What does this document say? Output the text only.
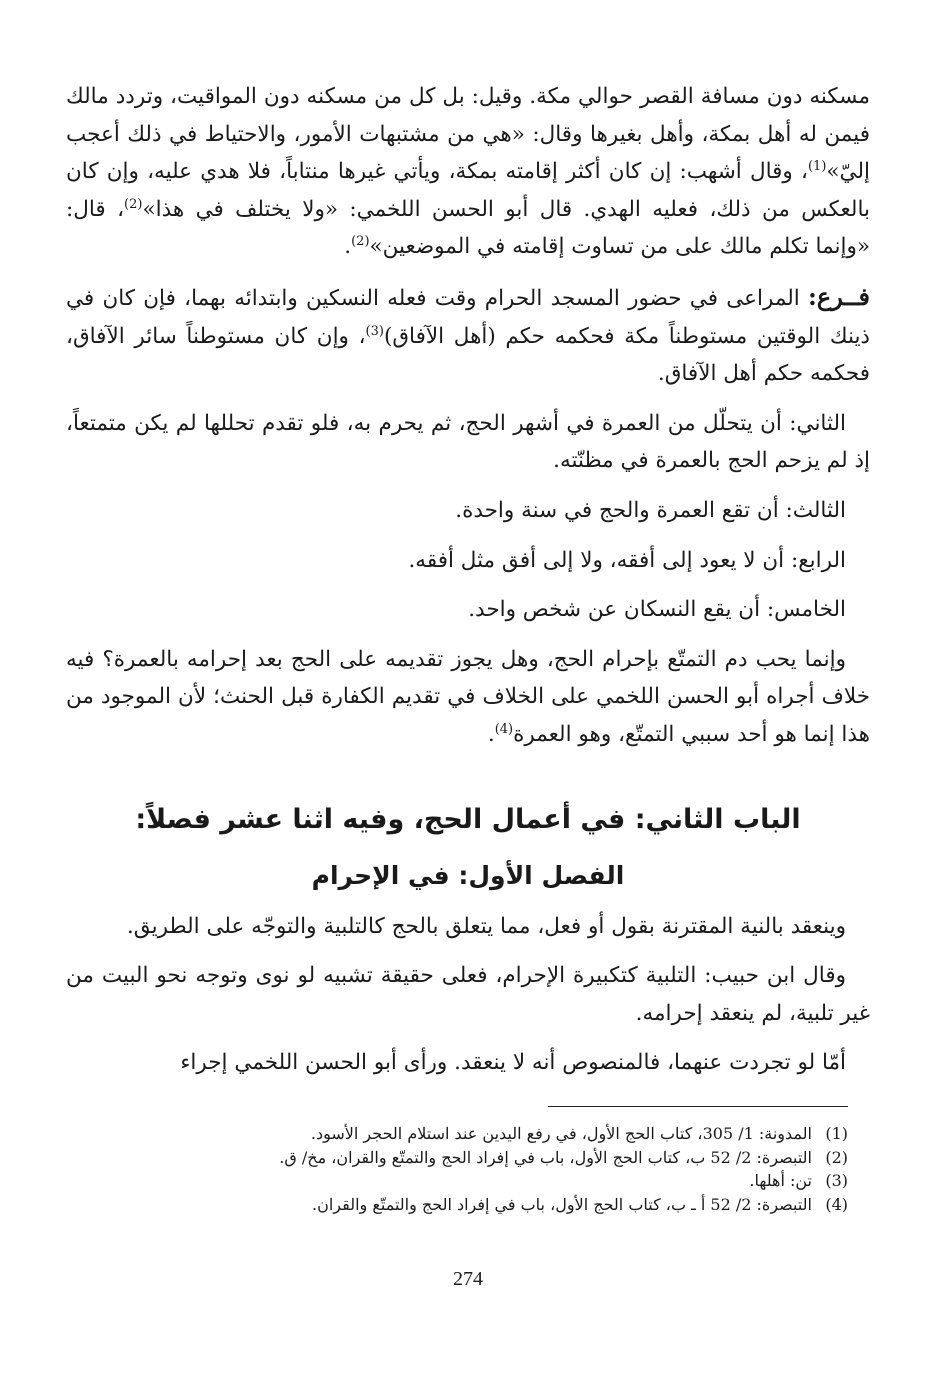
مسكنه دون مسافة القصر حوالي مكة. وقيل: بل كل من مسكنه دون المواقيت، وتردد مالك فيمن له أهل بمكة، وأهل بغيرها وقال: «هي من مشتبهات الأمور، والاحتياط في ذلك أعجب إليّ»$^{(1)}$، وقال أشهب: إن كان أكثر إقامته بمكة، ويأتي غيرها منتاباً، فلا هدي عليه، وإن كان بالعكس من ذلك، فعليه الهدي. قال أبو الحسن اللخمي: «ولا يختلف في هذا»$^{(2)}$، قال: «وإنما تكلم مالك على من تساوت إقامته في الموضعين»$^{(2)}$.

فــرع: المراعى في حضور المسجد الحرام وقت فعله النسكين وابتدائه بهما، فإن كان في ذينك الوقتين مستوطناً مكة فحكمه حكم (أهل الآفاق)$^{(3)}$، وإن كان مستوطناً سائر الآفاق، فحكمه حكم أهل الآفاق.

الثاني: أن يتحلّل من العمرة في أشهر الحج، ثم يحرم به، فلو تقدم تحللها لم يكن متمتعاً، إذ لم يزحم الحج بالعمرة في مظنّته.

الثالث: أن تقع العمرة والحج في سنة واحدة.

الرابع: أن لا يعود إلى أفقه، ولا إلى أفق مثل أفقه.

الخامس: أن يقع النسكان عن شخص واحد.

وإنما يحب دم التمتّع بإحرام الحج، وهل يجوز تقديمه على الحج بعد إحرامه بالعمرة؟ فيه خلاف أجراه أبو الحسن اللخمي على الخلاف في تقديم الكفارة قبل الحنث؛ لأن الموجود من هذا إنما هو أحد سببي التمتّع، وهو العمرة$^{(4)}$.

الباب الثاني: في أعمال الحج، وفيه اثنا عشر فصلاً:
الفصل الأول: في الإحرام

وينعقد بالنية المقترنة بقول أو فعل، مما يتعلق بالحج كالتلبية والتوجّه على الطريق.

وقال ابن حبيب: التلبية كتكبيرة الإحرام، فعلى حقيقة تشبيه لو نوى وتوجه نحو البيت من غير تلبية، لم ينعقد إحرامه.

أمّا لو تجردت عنهما، فالمنصوص أنه لا ينعقد. ورأى أبو الحسن اللخمي إجراء

(1)
المدونة: 1/ 305، كتاب الحج الأول، في رفع اليدين عند استلام الحجر الأسود.
(2)
التبصرة: 2/ 52 ب، كتاب الحج الأول، باب في إفراد الحج والتمتّع والقران، مخ/ ق.
(3)
تن: أهلها.
(4)
التبصرة: 2/ 52 أ ـ ب، كتاب الحج الأول، باب في إفراد الحج والتمتّع والقران.
274
